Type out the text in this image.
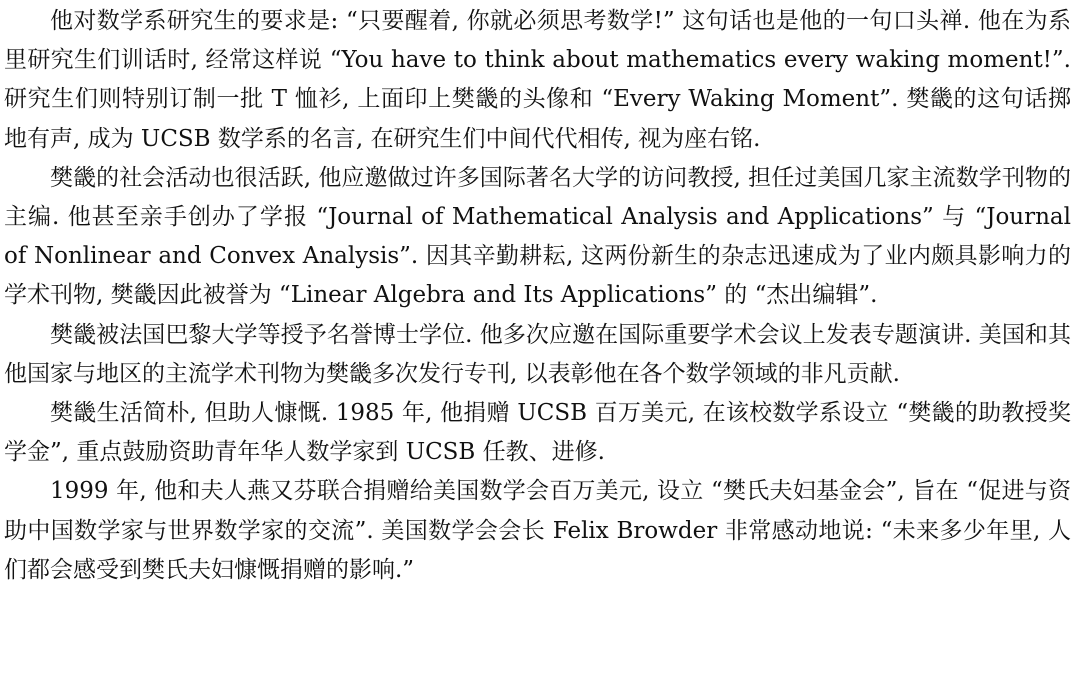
他对数学系研究生的要求是: “只要醒着, 你就必须思考数学!” 这句话也是他的一句口头禅. 他在为系里研究生们训话时, 经常这样说 “You have to think about mathematics every waking moment!”. 研究生们则特别订制一批 T 恤衫, 上面印上樊畿的头像和 “Every Waking Moment”. 樊畿的这句话掷地有声, 成为 UCSB 数学系的名言, 在研究生们中间代代相传, 视为座右铭.

樊畿的社会活动也很活跃, 他应邀做过许多国际著名大学的访问教授, 担任过美国几家主流数学刊物的主编. 他甚至亲手创办了学报 “Journal of Mathematical Analysis and Applications” 与 “Journal of Nonlinear and Convex Analysis”. 因其辛勤耕耘, 这两份新生的杂志迅速成为了业内颇具影响力的学术刊物, 樊畿因此被誉为 “Linear Algebra and Its Applications” 的 “杰出编辑”.

樊畿被法国巴黎大学等授予名誉博士学位. 他多次应邀在国际重要学术会议上发表专题演讲. 美国和其他国家与地区的主流学术刊物为樊畿多次发行专刊, 以表彰他在各个数学领域的非凡贡献.

樊畿生活简朴, 但助人慷慨. 1985 年, 他捐赠 UCSB 百万美元, 在该校数学系设立 “樊畿的助教授奖学金”, 重点鼓励资助青年华人数学家到 UCSB 任教、进修.

1999 年, 他和夫人燕又芬联合捐赠给美国数学会百万美元, 设立 “樊氏夫妇基金会”, 旨在 “促进与资助中国数学家与世界数学家的交流”. 美国数学会会长 Felix Browder 非常感动地说: “未来多少年里, 人们都会感受到樊氏夫妇慷慨捐赠的影响.”
